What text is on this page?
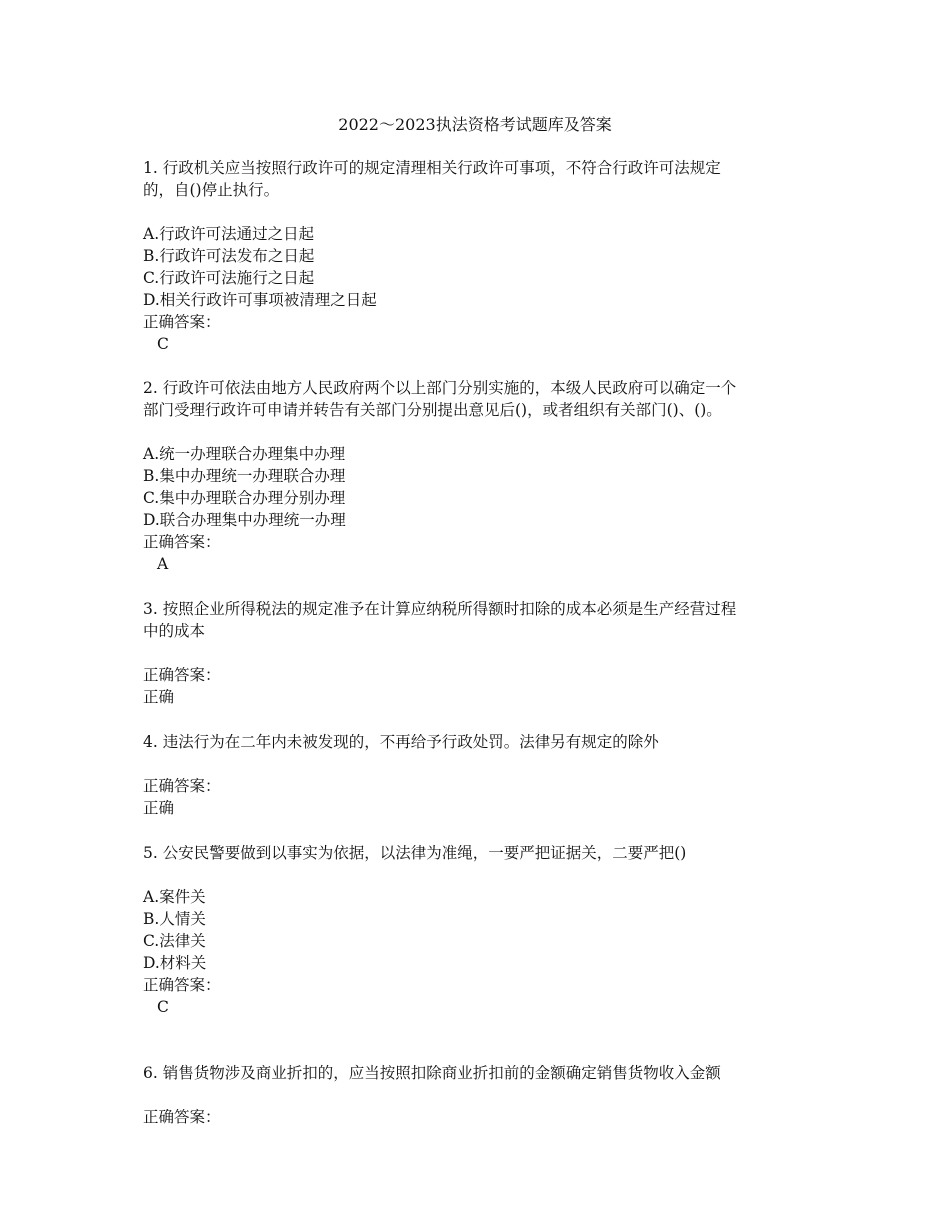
2022～2023执法资格考试题库及答案
1. 行政机关应当按照行政许可的规定清理相关行政许可事项，不符合行政许可法规定
的，自()停止执行。
A.行政许可法通过之日起
B.行政许可法发布之日起
C.行政许可法施行之日起
D.相关行政许可事项被清理之日起
正确答案：
C
2. 行政许可依法由地方人民政府两个以上部门分别实施的，本级人民政府可以确定一个
部门受理行政许可申请并转告有关部门分别提出意见后()，或者组织有关部门()、()。
A.统一办理联合办理集中办理
B.集中办理统一办理联合办理
C.集中办理联合办理分别办理
D.联合办理集中办理统一办理
正确答案：
A
3. 按照企业所得税法的规定准予在计算应纳税所得额时扣除的成本必须是生产经营过程
中的成本
正确答案：
正确
4. 违法行为在二年内未被发现的，不再给予行政处罚。法律另有规定的除外
正确答案：
正确
5. 公安民警要做到以事实为依据，以法律为准绳，一要严把证据关，二要严把()
A.案件关
B.人情关
C.法律关
D.材料关
正确答案：
C
6. 销售货物涉及商业折扣的，应当按照扣除商业折扣前的金额确定销售货物收入金额
正确答案：
